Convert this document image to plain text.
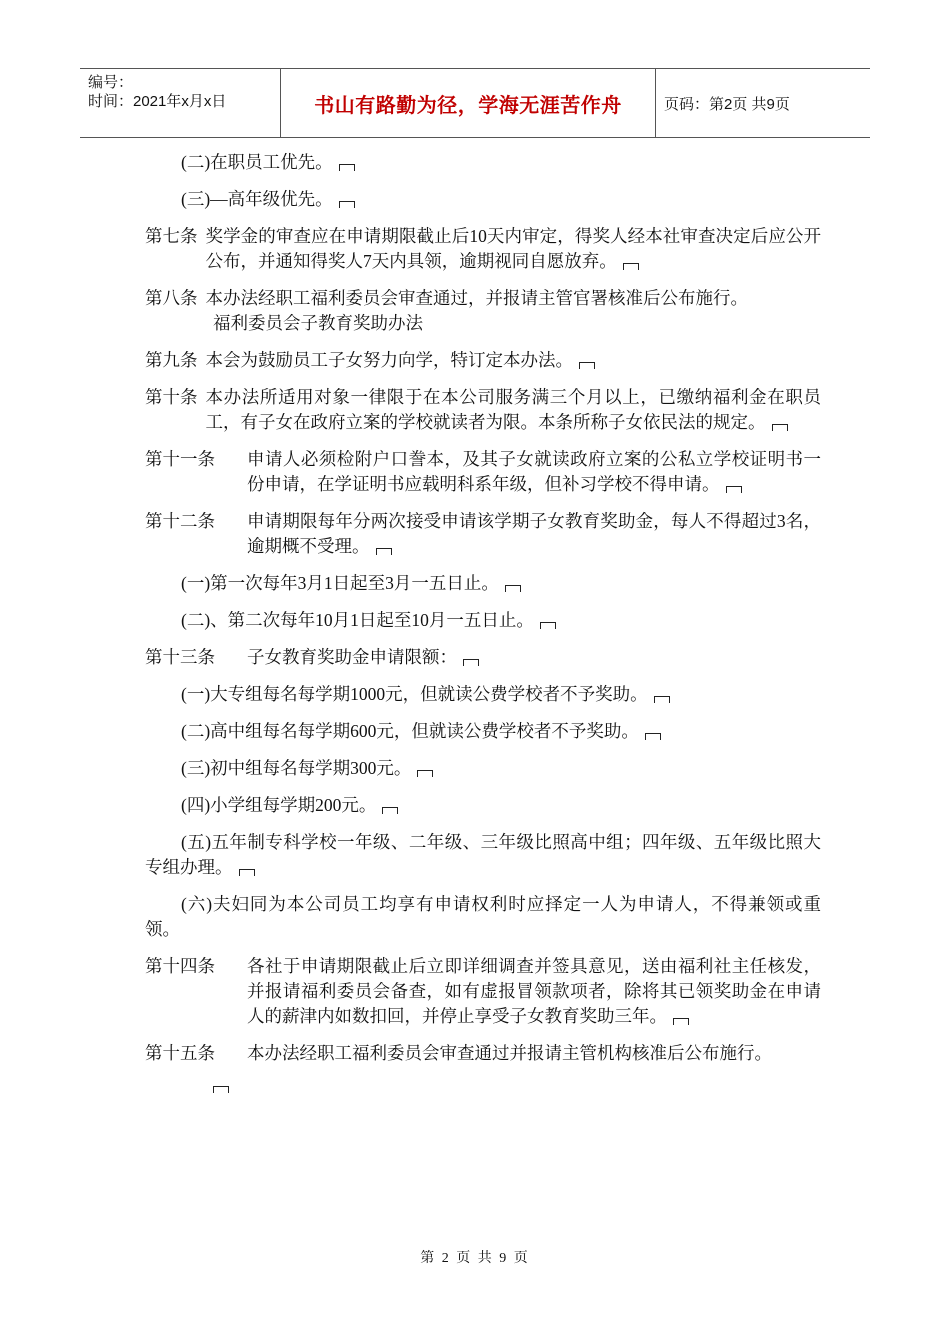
编号：
时间：2021年x月x日	书山有路勤为径，学海无涯苦作舟	页码：第2页 共9页
(二)在职员工优先。
(三)—高年级优先。
第七条 奖学金的审查应在申请期限截止后10天内审定，得奖人经本社审查决定后应公开公布，并通知得奖人7天内具领，逾期视同自愿放弃。
第八条 本办法经职工福利委员会审查通过，并报请主管官署核准后公布施行。
福利委员会子教育奖助办法
第九条 本会为鼓励员工子女努力向学，特订定本办法。
第十条 本办法所适用对象一律限于在本公司服务满三个月以上，已缴纳福利金在职员工，有子女在政府立案的学校就读者为限。本条所称子女依民法的规定。
第十一条 申请人必须检附户口誊本，及其子女就读政府立案的公私立学校证明书一份申请，在学证明书应载明科系年级，但补习学校不得申请。
第十二条 申请期限每年分两次接受申请该学期子女教育奖助金，每人不得超过3名，逾期概不受理。
(一)第一次每年3月1日起至3月一五日止。
(二)、第二次每年10月1日起至10月一五日止。
第十三条 子女教育奖助金申请限额：
(一)大专组每名每学期1000元，但就读公费学校者不予奖助。
(二)高中组每名每学期600元，但就读公费学校者不予奖助。
(三)初中组每名每学期300元。
(四)小学组每学期200元。
(五)五年制专科学校一年级、二年级、三年级比照高中组；四年级、五年级比照大专组办理。
(六)夫妇同为本公司员工均享有申请权利时应择定一人为申请人，不得兼领或重领。
第十四条 各社于申请期限截止后立即详细调查并签具意见，送由福利社主任核发，并报请福利委员会备查，如有虚报冒领款项者，除将其已领奖助金在申请人的薪津内如数扣回，并停止享受子女教育奖助三年。
第十五条 本办法经职工福利委员会审查通过并报请主管机构核准后公布施行。
第 2 页 共 9 页
